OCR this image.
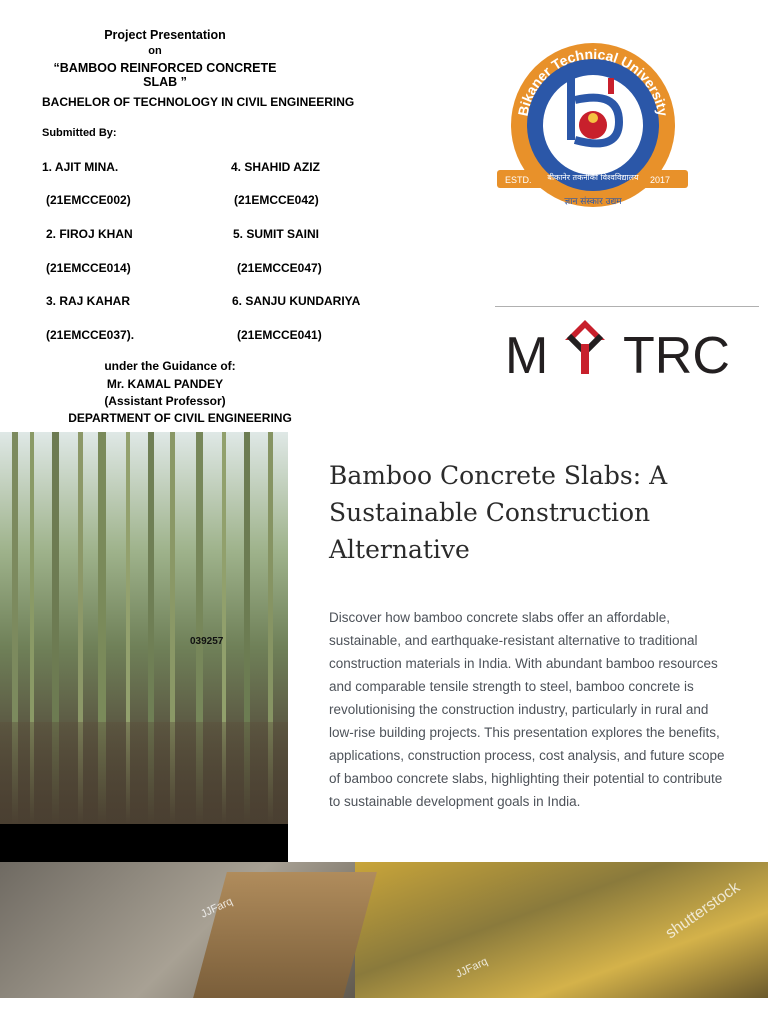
Project Presentation
on
“BAMBOO REINFORCED CONCRETE SLAB ”
BACHELOR OF TECHNOLOGY IN CIVIL ENGINEERING
Submitted By:
1. AJIT MINA.
(21EMCCE002)
2. FIROJ KHAN
(21EMCCE014)
3. RAJ KAHAR
(21EMCCE037).
4. SHAHID AZIZ
(21EMCCE042)
5. SUMIT SAINI
(21EMCCE047)
6. SANJU KUNDARIYA
(21EMCCE041)
under the Guidance of:
Mr. KAMAL PANDEY
(Assistant Professor)
DEPARTMENT OF CIVIL ENGINEERING
Bikaner Technical University
ESTD.	2017
बीकानेर तकनीकी विश्वविद्यालय
ज्ञान संस्कार उद्यम
M TRC
039257
Bamboo Concrete Slabs: A
Sustainable Construction
Alternative
Discover how bamboo concrete slabs offer an affordable, sustainable, and earthquake-resistant alternative to traditional construction materials in India. With abundant bamboo resources and comparable tensile strength to steel, bamboo concrete is revolutionising the construction industry, particularly in rural and low-rise building projects. This presentation explores the benefits, applications, construction process, cost analysis, and future scope of bamboo concrete slabs, highlighting their potential to contribute to sustainable development goals in India.
JJFarq	shutterstock
JJFarq
